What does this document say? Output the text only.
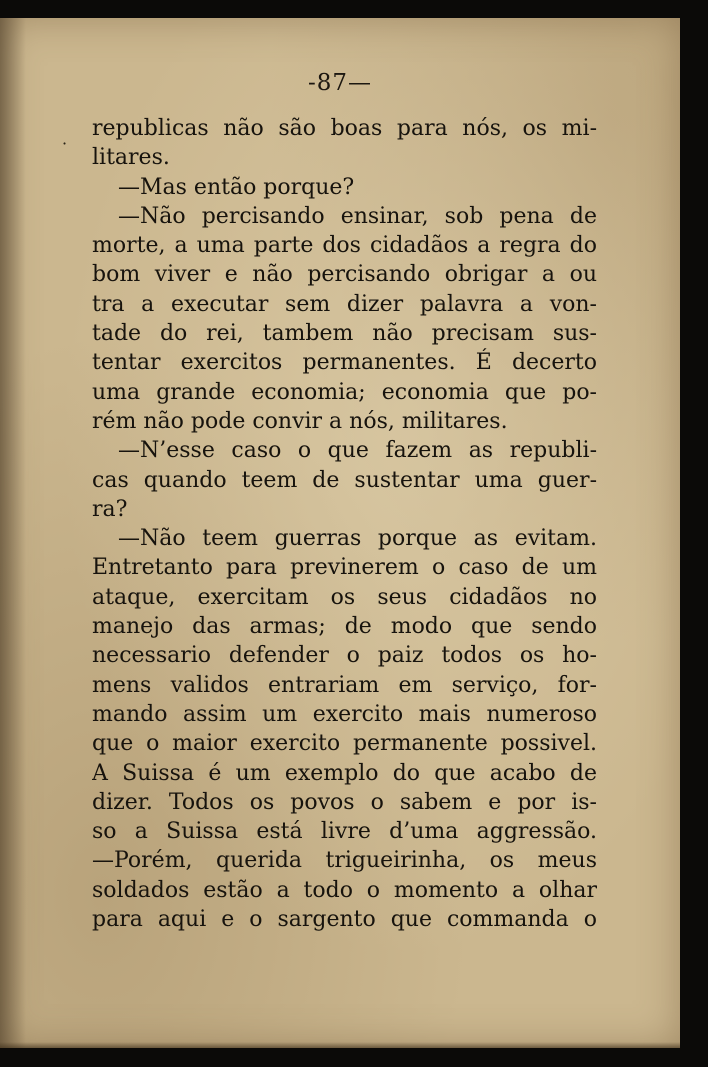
-87—
·
republicas não são boas para nós, os mi-
litares.
—Mas então porque?
—Não percisando ensinar, sob pena de
morte, a uma parte dos cidadãos a regra do
bom viver e não percisando obrigar a ou
tra a executar sem dizer palavra a von-
tade do rei, tambem não precisam sus-
tentar exercitos permanentes. É decerto
uma grande economia; economia que po-
rém não pode convir a nós, militares.
—N’esse caso o que fazem as republi-
cas quando teem de sustentar uma guer-
ra?
—Não teem guerras porque as evitam.
Entretanto para previnerem o caso de um
ataque, exercitam os seus cidadãos no
manejo das armas; de modo que sendo
necessario defender o paiz todos os ho-
mens validos entrariam em serviço, for-
mando assim um exercito mais numeroso
que o maior exercito permanente possivel.
A Suissa é um exemplo do que acabo de
dizer. Todos os povos o sabem e por is-
so a Suissa está livre d’uma aggressão.
—Porém, querida trigueirinha, os meus
soldados estão a todo o momento a olhar
para aqui e o sargento que commanda o
